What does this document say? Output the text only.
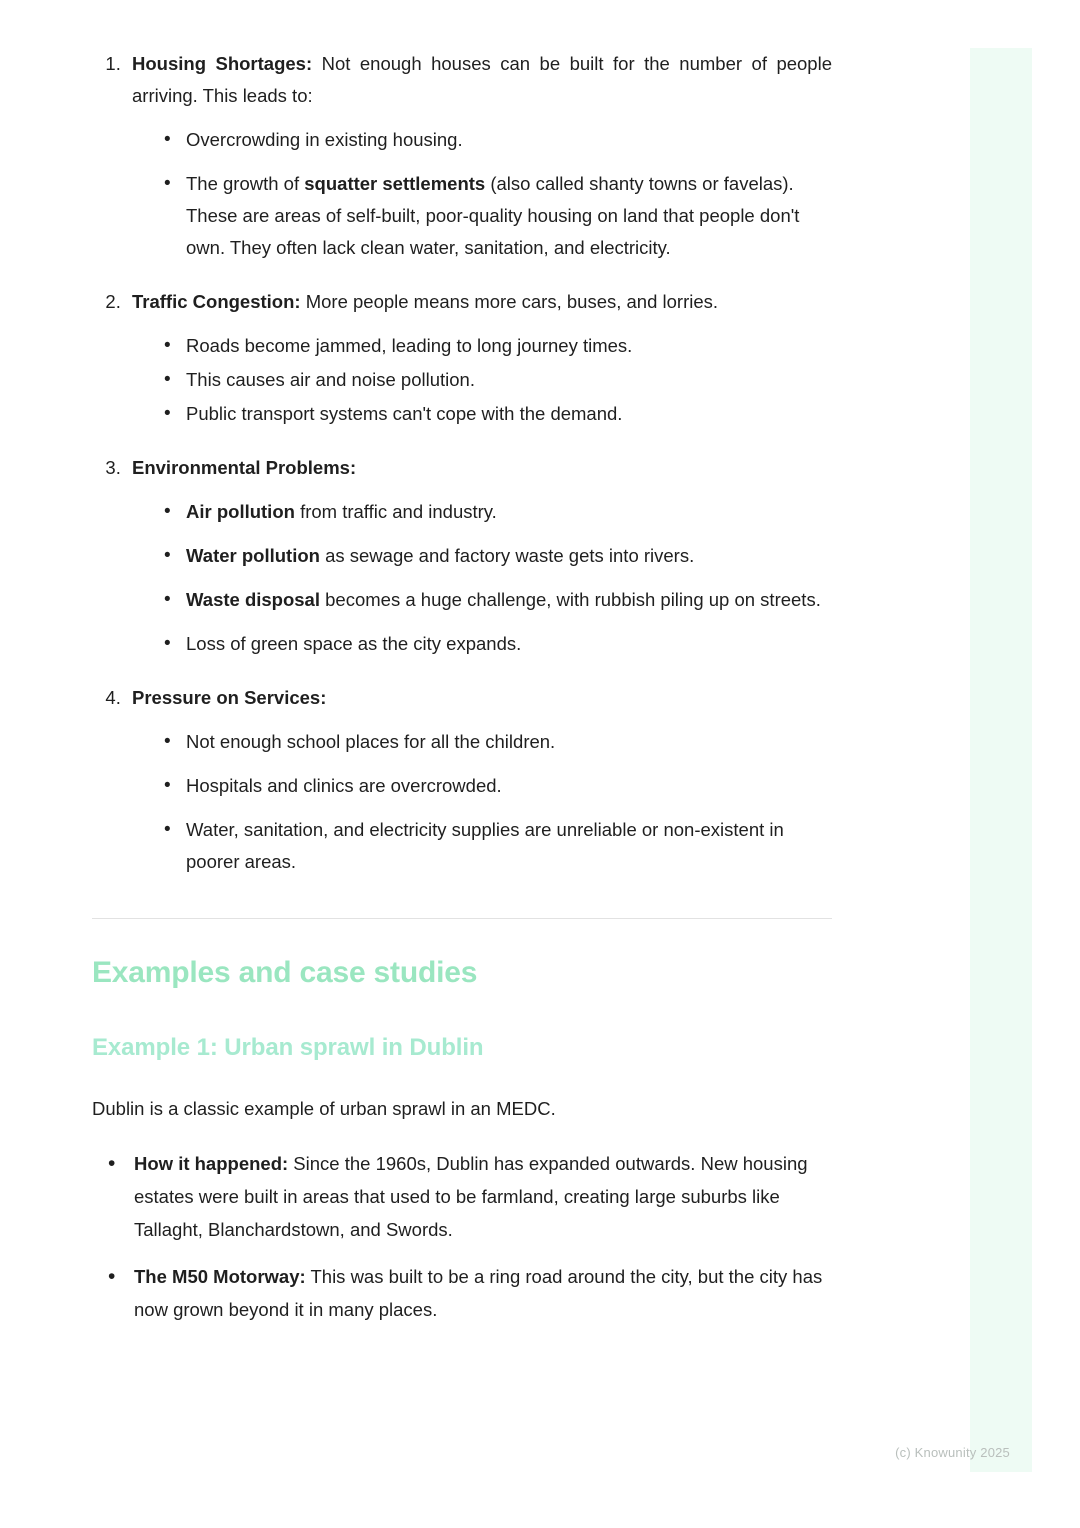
1. Housing Shortages: Not enough houses can be built for the number of people arriving. This leads to:

• Overcrowding in existing housing.
• The growth of squatter settlements (also called shanty towns or favelas). These are areas of self-built, poor-quality housing on land that people don't own. They often lack clean water, sanitation, and electricity.

2. Traffic Congestion: More people means more cars, buses, and lorries.

• Roads become jammed, leading to long journey times.
• This causes air and noise pollution.
• Public transport systems can't cope with the demand.

3. Environmental Problems:

• Air pollution from traffic and industry.
• Water pollution as sewage and factory waste gets into rivers.
• Waste disposal becomes a huge challenge, with rubbish piling up on streets.
• Loss of green space as the city expands.

4. Pressure on Services:

• Not enough school places for all the children.
• Hospitals and clinics are overcrowded.
• Water, sanitation, and electricity supplies are unreliable or non-existent in poorer areas.
Examples and case studies
Example 1: Urban sprawl in Dublin

Dublin is a classic example of urban sprawl in an MEDC.

• How it happened: Since the 1960s, Dublin has expanded outwards. New housing estates were built in areas that used to be farmland, creating large suburbs like Tallaght, Blanchardstown, and Swords.
• The M50 Motorway: This was built to be a ring road around the city, but the city has now grown beyond it in many places.
(c) Knowunity 2025
